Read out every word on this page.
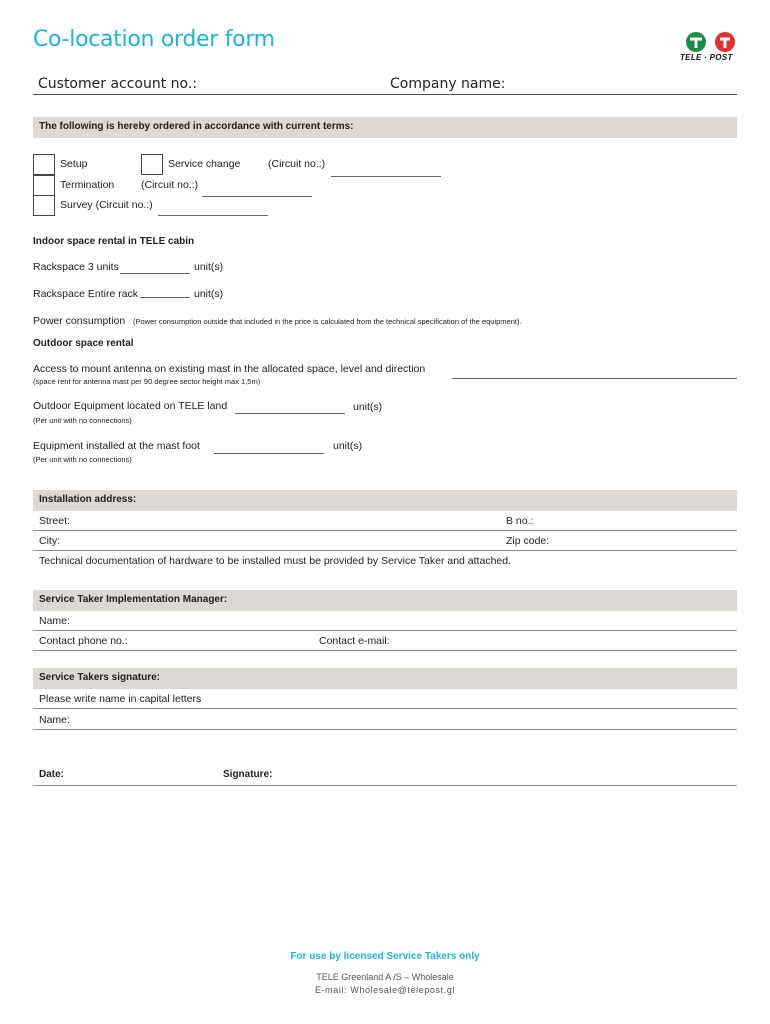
Co-location order form
TELE · POST
Customer account no.:	Company name:
The following is hereby ordered in accordance with current terms:
Setup	Service change	(Circuit no.:)
Termination	(Circuit no.:)
Survey (Circuit no.:)
Indoor space rental in TELE cabin
Rackspace 3 units	unit(s)
Rackspace Entire rack	unit(s)
Power consumption (Power consumption outside that included in the price is calculated from the technical specification of the equipment).
Outdoor space rental
Access to mount antenna on existing mast in the allocated space, level and direction
(space rent for antenna mast per 90 degree sector height max 1,5m)
Outdoor Equipment located on TELE land	unit(s)
(Per unit with no connections)
Equipment installed at the mast foot	unit(s)
(Per unit with no connections)
Installation address:
Street:	B no.:
City:	Zip code:
Technical documentation of hardware to be installed must be provided by Service Taker and attached.
Service Taker Implementation Manager:
Name:
Contact phone no.:	Contact e-mail:
Service Takers signature:
Please write name in capital letters
Name:
Date:	Signature:
For use by licensed Service Takers only
TELE Greenland A /S – Wholesale
E-mail: Wholesale@telepost.gl
